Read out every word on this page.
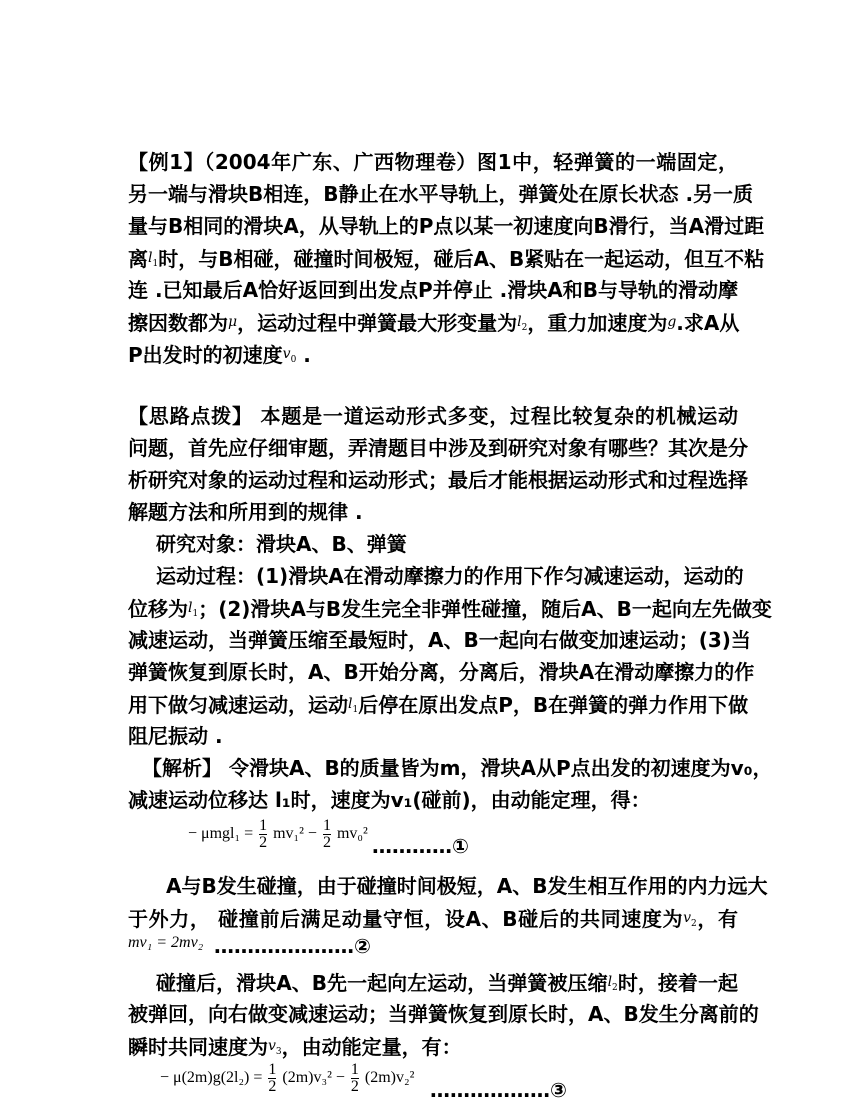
【例1】（2004年广东、广西物理卷）图1中，轻弹簧的一端固定，
另一端与滑块B相连，B静止在水平导轨上，弹簧处在原长状态 .另一质
量与B相同的滑块A，从导轨上的P点以某一初速度向B滑行，当A滑过距
离$^{l_1}$时，与B相碰，碰撞时间极短，碰后A、B紧贴在一起运动，但互不粘
连 .已知最后A恰好返回到出发点P并停止 .滑块A和B与导轨的滑动摩
擦因数都为$^\mu$，运动过程中弹簧最大形变量为$^{l_2}$，重力加速度为$^g$.求A从
P出发时的初速度$^{v_0}$ .
【思路点拨】 本题是一道运动形式多变，过程比较复杂的机械运动
问题，首先应仔细审题，弄清题目中涉及到研究对象有哪些？其次是分
析研究对象的运动过程和运动形式；最后才能根据运动形式和过程选择
解题方法和所用到的规律 .
研究对象：滑块A、B、弹簧
运动过程：(1)滑块A在滑动摩擦力的作用下作匀减速运动，运动的
位移为$^{l_1}$；(2)滑块A与B发生完全非弹性碰撞，随后A、B一起向左先做变
减速运动，当弹簧压缩至最短时，A、B一起向右做变加速运动；(3)当
弹簧恢复到原长时，A、B开始分离，分离后，滑块A在滑动摩擦力的作
用下做匀减速运动，运动$^{l_1}$后停在原出发点P，B在弹簧的弹力作用下做
阻尼振动 .
【解析】 令滑块A、B的质量皆为m，滑块A从P点出发的初速度为v₀，
减速运动位移达 l₁时，速度为v₁(碰前)，由动能定理，得：
− $\mu mgl_1 = \frac{1}{2} mv_1^2 - \frac{1}{2} mv_0^2$
…………①
A与B发生碰撞，由于碰撞时间极短，A、B发生相互作用的内力远大
于外力， 碰撞前后满足动量守恒，设A、B碰后的共同速度为$^{v_2}$，有
mv₁ = 2mv₂ …………………②
碰撞后，滑块A、B先一起向左运动，当弹簧被压缩$^{l_2}$时，接着一起
被弹回，向右做变减速运动；当弹簧恢复到原长时，A、B发生分离前的
瞬时共同速度为$^{v_3}$，由动能定量，有：
− $\mu(2m)g(2l_2) = \frac{1}{2} (2m)v_3^2 - \frac{1}{2} (2m)v_2^2$
………………③
